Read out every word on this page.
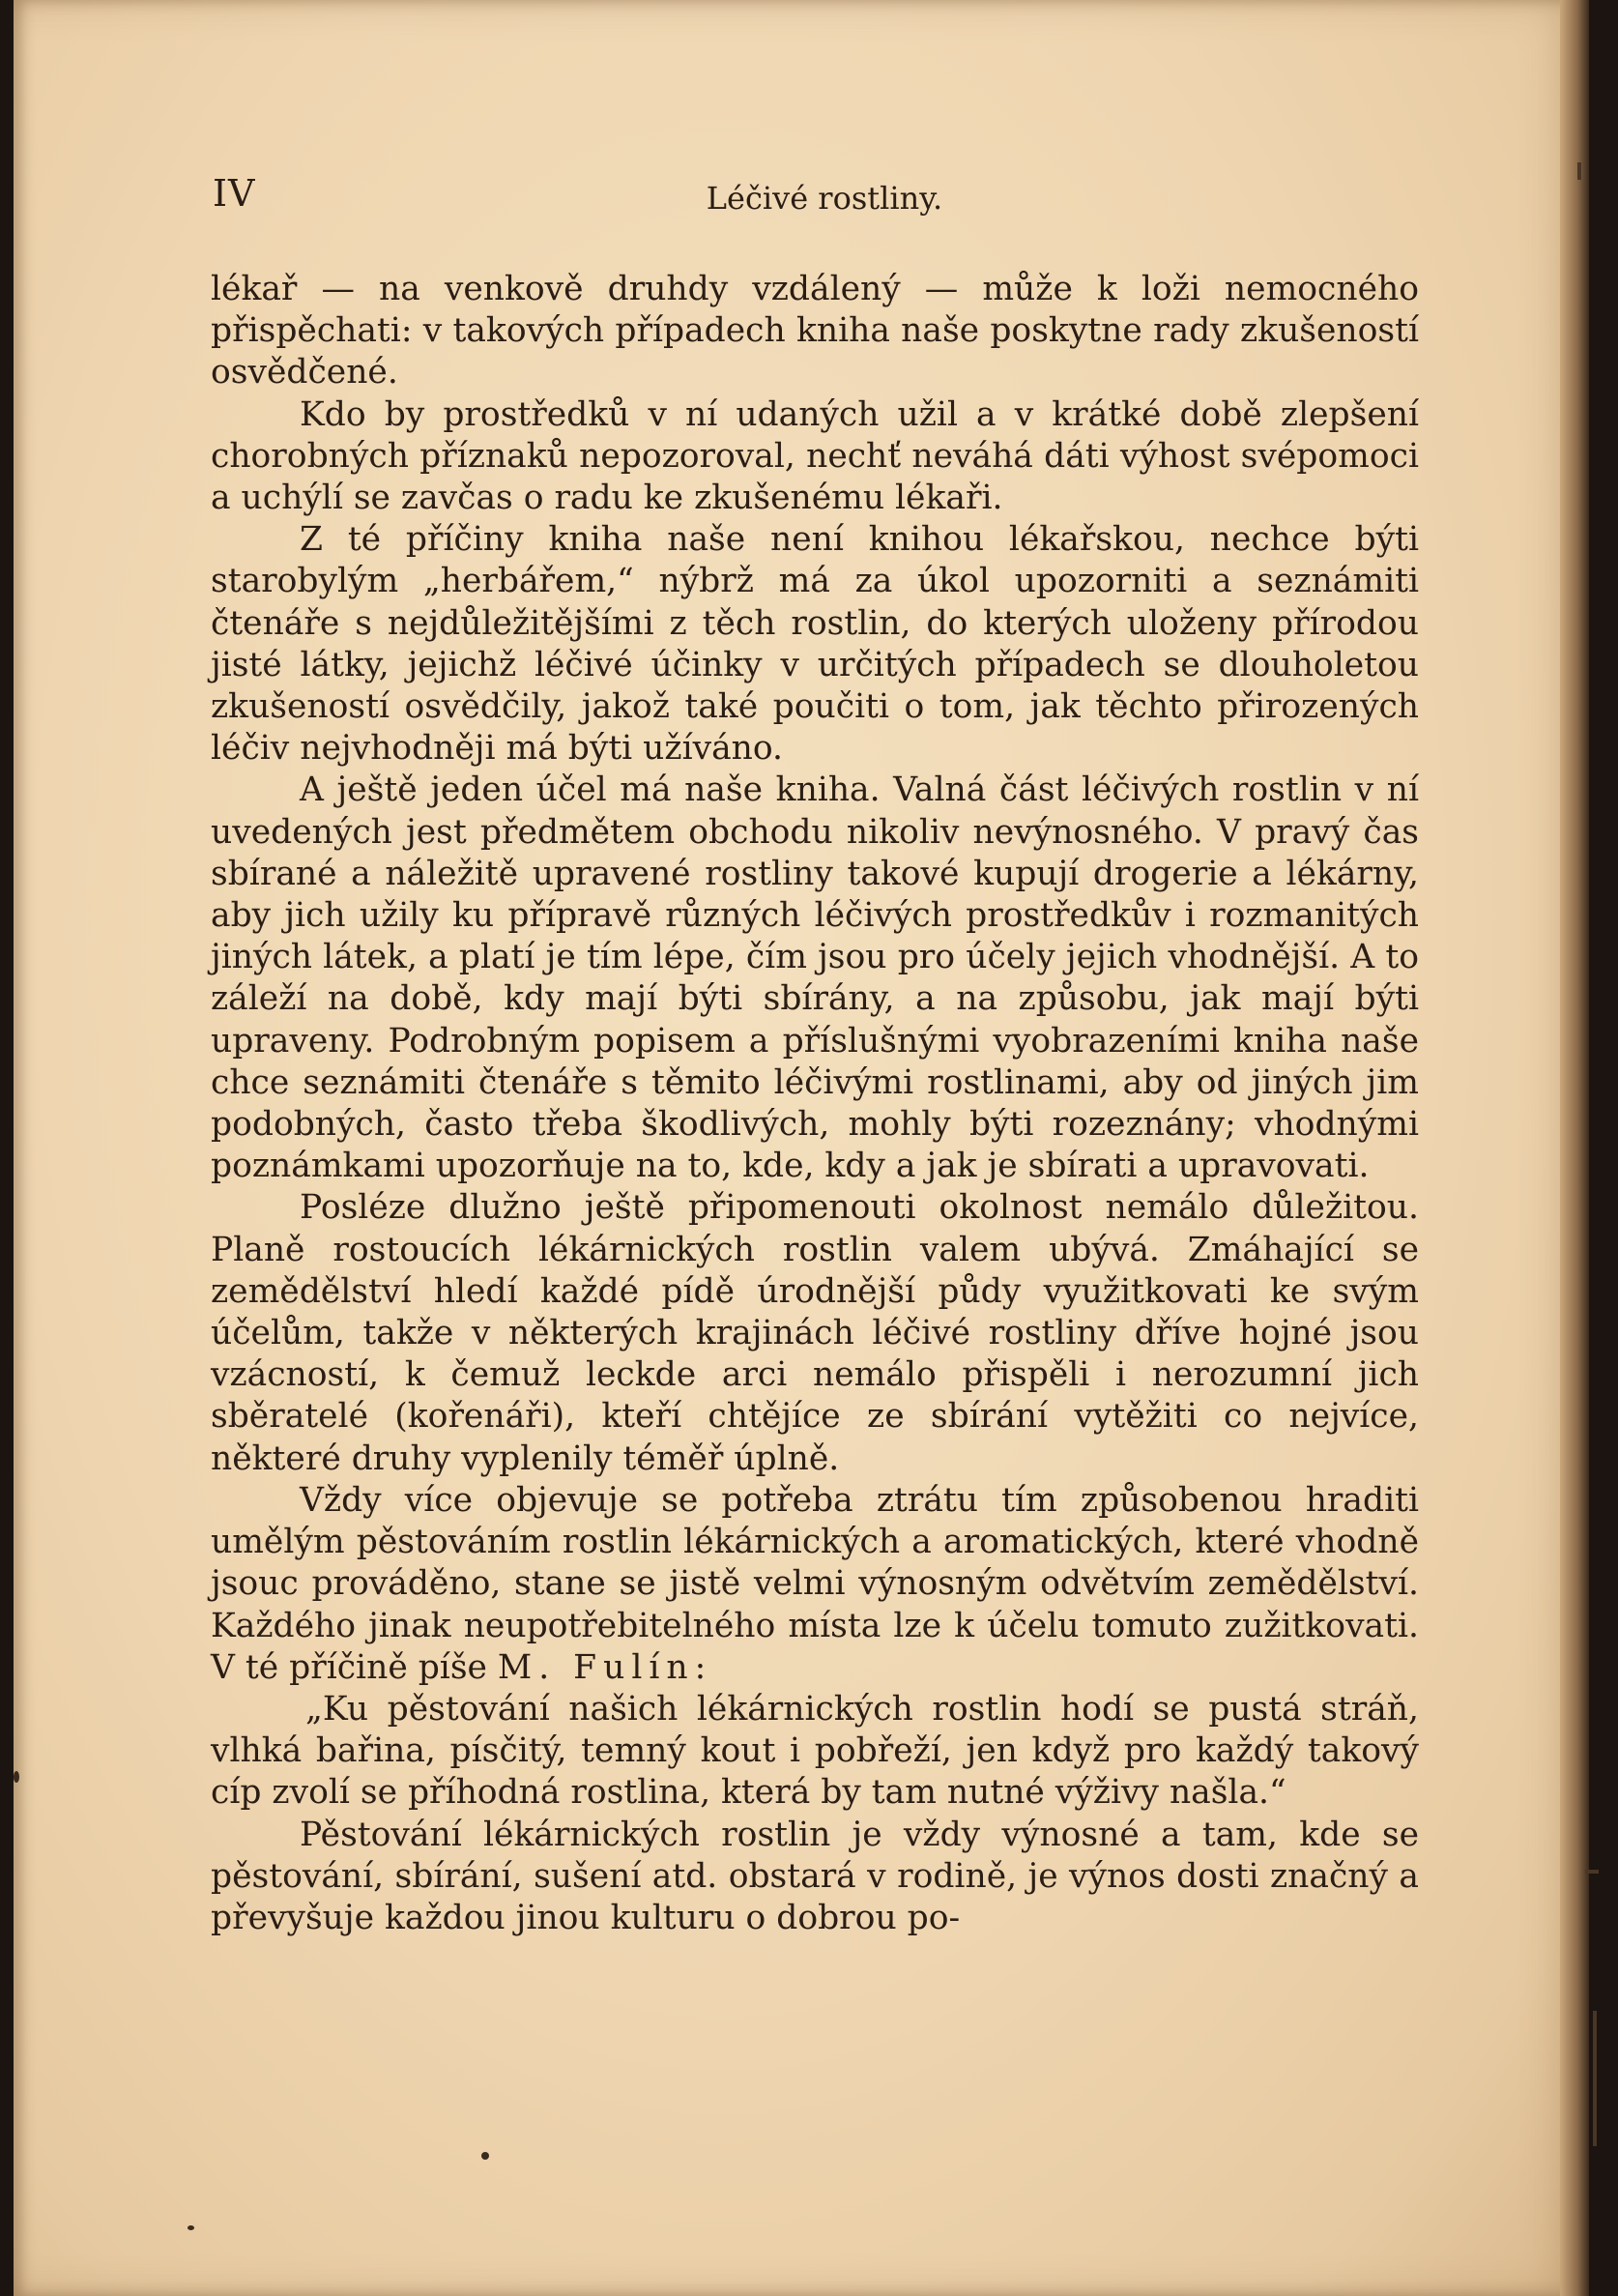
IV	Léčivé rostliny.

lékař — na venkově druhdy vzdálený — může k loži nemocného přispěchati: v takových případech kniha naše poskytne rady zkušeností osvědčené.

Kdo by prostředků v ní udaných užil a v krátké době zlepšení chorobných příznaků nepozoroval, nechť neváhá dáti výhost svépomoci a uchýlí se zavčas o radu ke zkušenému lékaři.

Z té příčiny kniha naše není knihou lékařskou, nechce býti starobylým „herbářem,“ nýbrž má za úkol upozorniti a seznámiti čtenáře s nejdůležitějšími z těch rostlin, do kterých uloženy přírodou jisté látky, jejichž léčivé účinky v určitých případech se dlouholetou zkušeností osvědčily, jakož také poučiti o tom, jak těchto přirozených léčiv nejvhodněji má býti užíváno.

A ještě jeden účel má naše kniha. Valná část léčivých rostlin v ní uvedených jest předmětem obchodu nikoliv nevýnosného. V pravý čas sbírané a náležitě upravené rostliny takové kupují drogerie a lékárny, aby jich užily ku přípravě různých léčivých prostředkův i rozmanitých jiných látek, a platí je tím lépe, čím jsou pro účely jejich vhodnější. A to záleží na době, kdy mají býti sbírány, a na způsobu, jak mají býti upraveny. Podrobným popisem a příslušnými vyobrazeními kniha naše chce seznámiti čtenáře s těmito léčivými rostlinami, aby od jiných jim podobných, často třeba škodlivých, mohly býti rozeznány; vhodnými poznámkami upozorňuje na to, kde, kdy a jak je sbírati a upravovati.

Posléze dlužno ještě připomenouti okolnost nemálo důležitou. Planě rostoucích lékárnických rostlin valem ubývá. Zmáhající se zemědělství hledí každé pídě úrodnější půdy využitkovati ke svým účelům, takže v některých krajinách léčivé rostliny dříve hojné jsou vzácností, k čemuž leckde arci nemálo přispěli i nerozumní jich sběratelé (kořenáři), kteří chtějíce ze sbírání vytěžiti co nejvíce, některé druhy vyplenily téměř úplně.

Vždy více objevuje se potřeba ztrátu tím způsobenou hraditi umělým pěstováním rostlin lékárnických a aromatických, které vhodně jsouc prováděno, stane se jistě velmi výnosným odvětvím zemědělství. Každého jinak neupotřebitelného místa lze k účelu tomuto zužitkovati. V té příčině píše M. Fulín:

„Ku pěstování našich lékárnických rostlin hodí se pustá stráň, vlhká bařina, písčitý, temný kout i pobřeží, jen když pro každý takový cíp zvolí se příhodná rostlina, která by tam nutné výživy našla.“

Pěstování lékárnických rostlin je vždy výnosné a tam, kde se pěstování, sbírání, sušení atd. obstará v rodině, je výnos dosti značný a převyšuje každou jinou kulturu o dobrou po-
